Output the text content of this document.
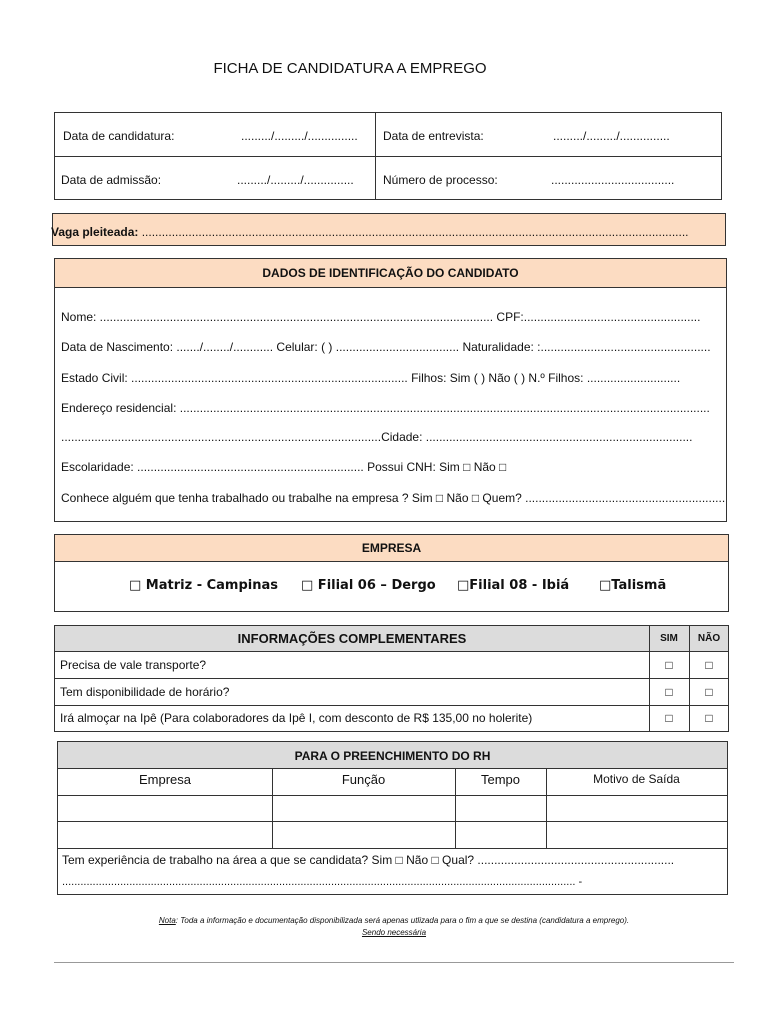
FICHA DE CANDIDATURA A EMPREGO
Data de candidatura:	........./........./............... Data de entrevista:	........./........./...............
Data de admissão:	........./........./............... Número de processo:	.....................................
Vaga pleiteada: ....................................................................................................................................................................
DADOS DE IDENTIFICAÇÃO DO CANDIDATO
Nome: ...................................................................................................................... CPF:.....................................................
Data de Nascimento: ......./......../............ Celular: ( ) ..................................... Naturalidade: :...................................................
Estado Civil: ................................................................................... Filhos: Sim ( ) Não ( ) N.º Filhos: ............................
Endereço residencial: ...............................................................................................................................................................
................................................................................................Cidade: ................................................................................
Escolaridade: .................................................................... Possui CNH: Sim □ Não □
Conhece alguém que tenha trabalhado ou trabalhe na empresa ? Sim □ Não □ Quem? ............................................................
EMPRESA
□ Matriz - Campinas □ Filial 06 – Dergo □Filial 08 - Ibiá □Talismã
INFORMAÇÕES COMPLEMENTARES	SIM	NÃO
Precisa de vale transporte?	□	□
Tem disponibilidade de horário?	□	□
Irá almoçar na Ipê (Para colaboradores da Ipê I, com desconto de R$ 135,00 no holerite)	□	□
PARA O PREENCHIMENTO DO RH
Empresa	Função	Tempo	Motivo de Saída
Tem experiência de trabalho na área a que se candidata? Sim □ Não □ Qual? ...........................................................
........................................................................................................................................................................ -
Nota: Toda a informação e documentação disponibilizada será apenas utlizada para o fim a que se destina (candidatura a emprego).
Sendo necessária
